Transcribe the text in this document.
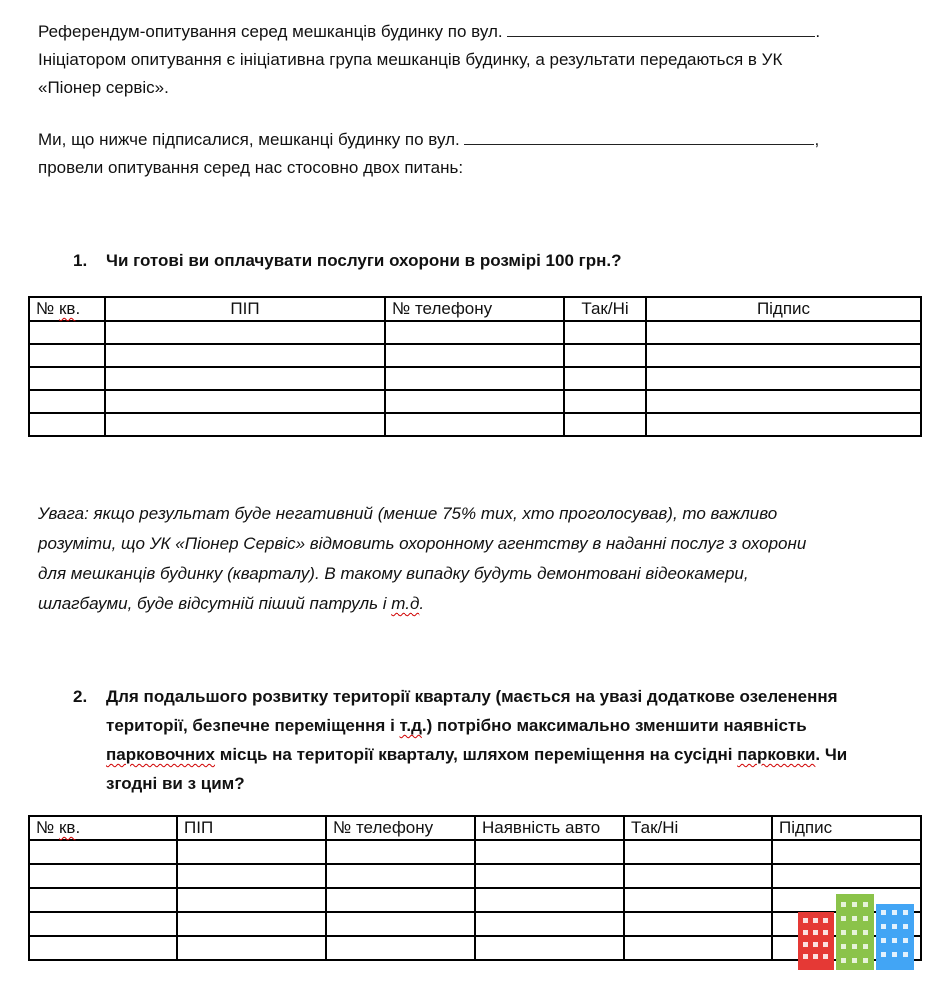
Референдум-опитування серед мешканців будинку по вул.	.
Ініціатором опитування є ініціативна група мешканців будинку, а результати передаються в УК
«Піонер сервіс».

Ми, що нижче підписалися, мешканці будинку по вул.	,
провели опитування серед нас стосовно двох питань:

1. Чи готові ви оплачувати послуги охорони в розмірі 100 грн.?
№ кв.	ПІП	№ телефону	Так/Ні	Підпис

Увага: якщо результат буде негативний (менше 75% тих, хто проголосував), то важливо
розуміти, що УК «Піонер Сервіс» відмовить охоронному агентству в наданні послуг з охорони
для мешканців будинку (кварталу). В такому випадку будуть демонтовані відеокамери,
шлагбауми, буде відсутній піший патруль і т.д.

2. Для подальшого розвитку території кварталу (мається на увазі додаткове озеленення
території, безпечне переміщення і т.д.) потрібно максимально зменшити наявність
парковочних місць на території кварталу, шляхом переміщення на сусідні парковки. Чи
згодні ви з цим?
№ кв.	ПІП	№ телефону	Наявність авто	Так/Ні	Підпис
